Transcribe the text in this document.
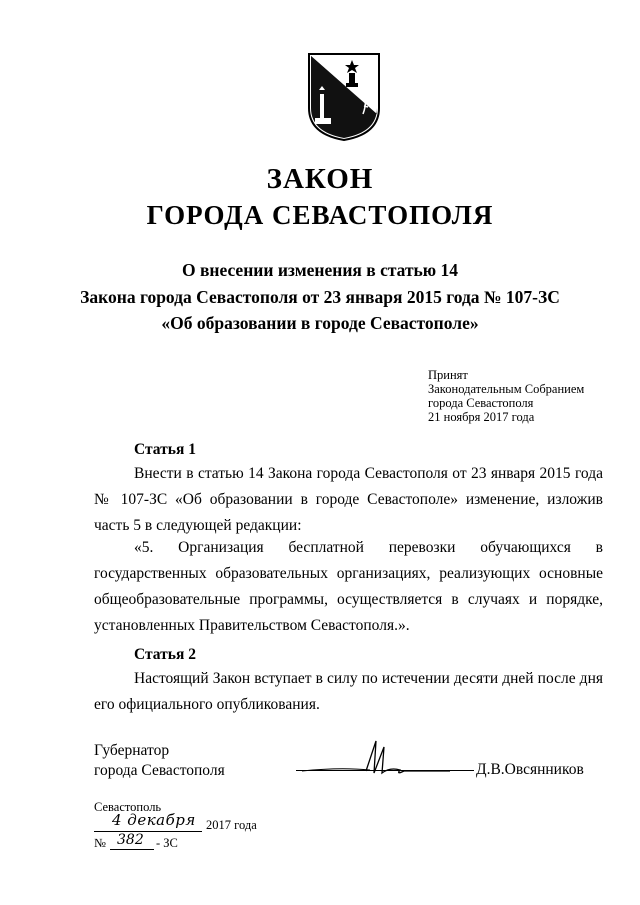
ЗАКОН
ГОРОДА СЕВАСТОПОЛЯ
О внесении изменения в статью 14
Закона города Севастополя от 23 января 2015 года № 107-ЗС
«Об образовании в городе Севастополе»
Принят
Законодательным Собранием
города Севастополя
21 ноября 2017 года
Статья 1
Внести в статью 14 Закона города Севастополя от 23 января 2015 года № 107-ЗС «Об образовании в городе Севастополе» изменение, изложив часть 5 в следующей редакции:
«5. Организация бесплатной перевозки обучающихся в государственных образовательных организациях, реализующих основные общеобразовательные программы, осуществляется в случаях и порядке, установленных Правительством Севастополя.».
Статья 2
Настоящий Закон вступает в силу по истечении десяти дней после дня его официального опубликования.
Губернатор
города Севастополя	Д.В.Овсянников
Севастополь
4 декабря 2017 года
№ 382 - ЗС
